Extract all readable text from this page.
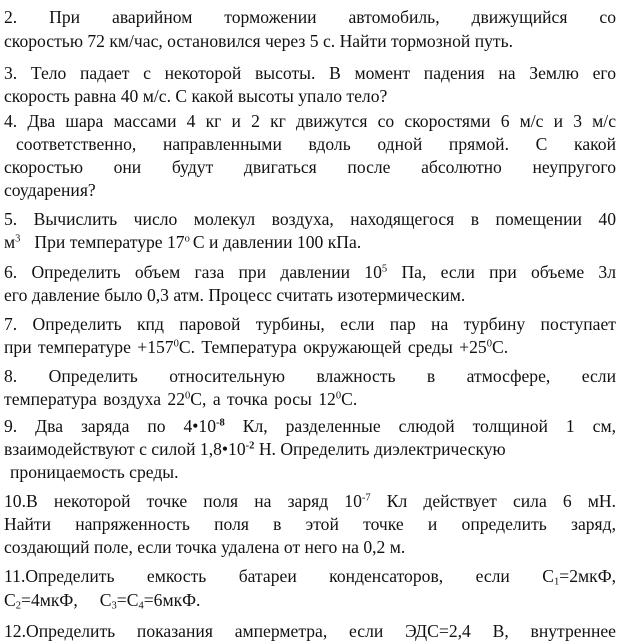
2. При аварийном торможении автомобиль, движущийся со
скоростью 72 км/час, остановился через 5 с. Найти тормозной путь.
3. Тело падает с некоторой высоты. В момент падения на Землю его
скорость равна 40 м/с. С какой высоты упало тело?
4. Два шара массами 4 кг и 2 кг движутся со скоростями 6 м/с и 3 м/с
соответственно, направленными вдоль одной прямой. С какой
скоростью они будут двигаться после абсолютно неупругого
соударения?
5. Вычислить число молекул воздуха, находящегося в помещении 40
$м^3$ При температуре $17^о$ С и давлении 100 кПа.
6. Определить объем газа при давлении $10^5$ Па, если при объеме 3л
его давление было 0,3 атм. Процесс считать изотермическим.
7. Определить кпд паровой турбины, если пар на турбину поступает
при температуре $+157^0С$. Температура окружающей среды $+25^0С$.
8. Определить относительную влажность в атмосфере, если
температура воздуха $22^0С$, а точка росы $12^0С$.
9. Два заряда по $4•10^{-8}$ Кл, разделенные слюдой толщиной 1 см,
взаимодействуют с силой $1,8•10^{-2}$ Н. Определить диэлектрическую
проницаемость среды.
10.В некоторой точке поля на заряд $10^{-7}$ Кл действует сила 6 мН.
Найти напряженность поля в этой точке и определить заряд,
создающий поле, если точка удалена от него на 0,2 м.
11.Определить емкость батареи конденсаторов, если $С_1=2мкФ$,
$С_2=4мкФ$, $С_3=С_4=6мкФ$.
12.Определить показания амперметра, если ЭДС=2,4 В, внутреннее
